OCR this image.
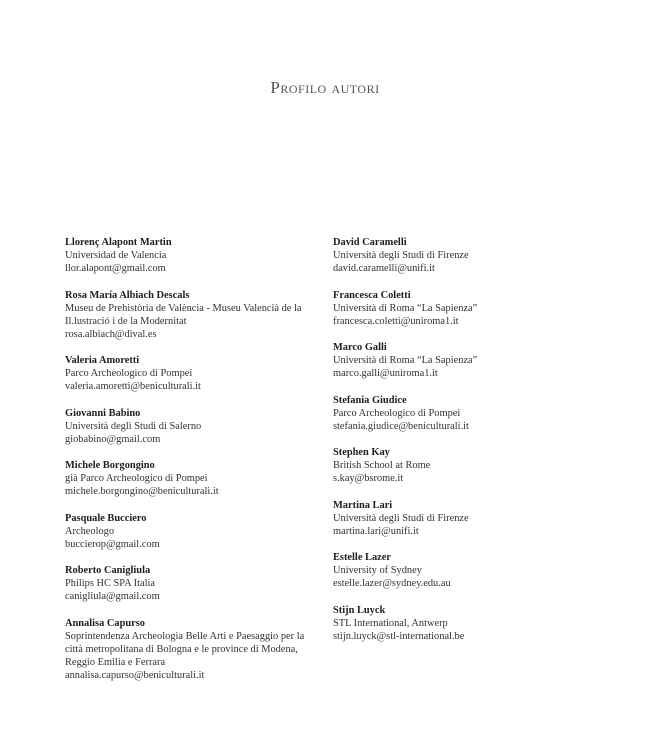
Profilo autori
Llorenç Alapont Martin
Universidad de Valencia
llor.alapont@gmail.com
Rosa María Albiach Descals
Museu de Prehistòria de València - Museu Valencià de la Il.lustració i de la Modernitat
rosa.albiach@dival.es
Valeria Amoretti
Parco Archeologico di Pompei
valeria.amoretti@beniculturali.it
Giovanni Babino
Università degli Studi di Salerno
giobabino@gmail.com
Michele Borgongino
già Parco Archeologico di Pompei
michele.borgongino@beniculturali.it
Pasquale Bucciero
Archeologo
buccierop@gmail.com
Roberto Canigliula
Philips HC SPA Italia
canigliula@gmail.com
Annalisa Capurso
Soprintendenza Archeologia Belle Arti e Paesaggio per la città metropolitana di Bologna e le province di Modena, Reggio Emilia e Ferrara
annalisa.capurso@beniculturali.it
David Caramelli
Università degli Studi di Firenze
david.caramelli@unifi.it
Francesca Coletti
Università di Roma “La Sapienza”
francesca.coletti@uniroma1.it
Marco Galli
Università di Roma “La Sapienza”
marco.galli@uniroma1.it
Stefania Giudice
Parco Archeologico di Pompei
stefania.giudice@beniculturali.it
Stephen Kay
British School at Rome
s.kay@bsrome.it
Martina Lari
Università degli Studi di Firenze
martina.lari@unifi.it
Estelle Lazer
University of Sydney
estelle.lazer@sydney.edu.au
Stijn Luyck
STL International, Antwerp
stijn.luyck@stl-international.be
